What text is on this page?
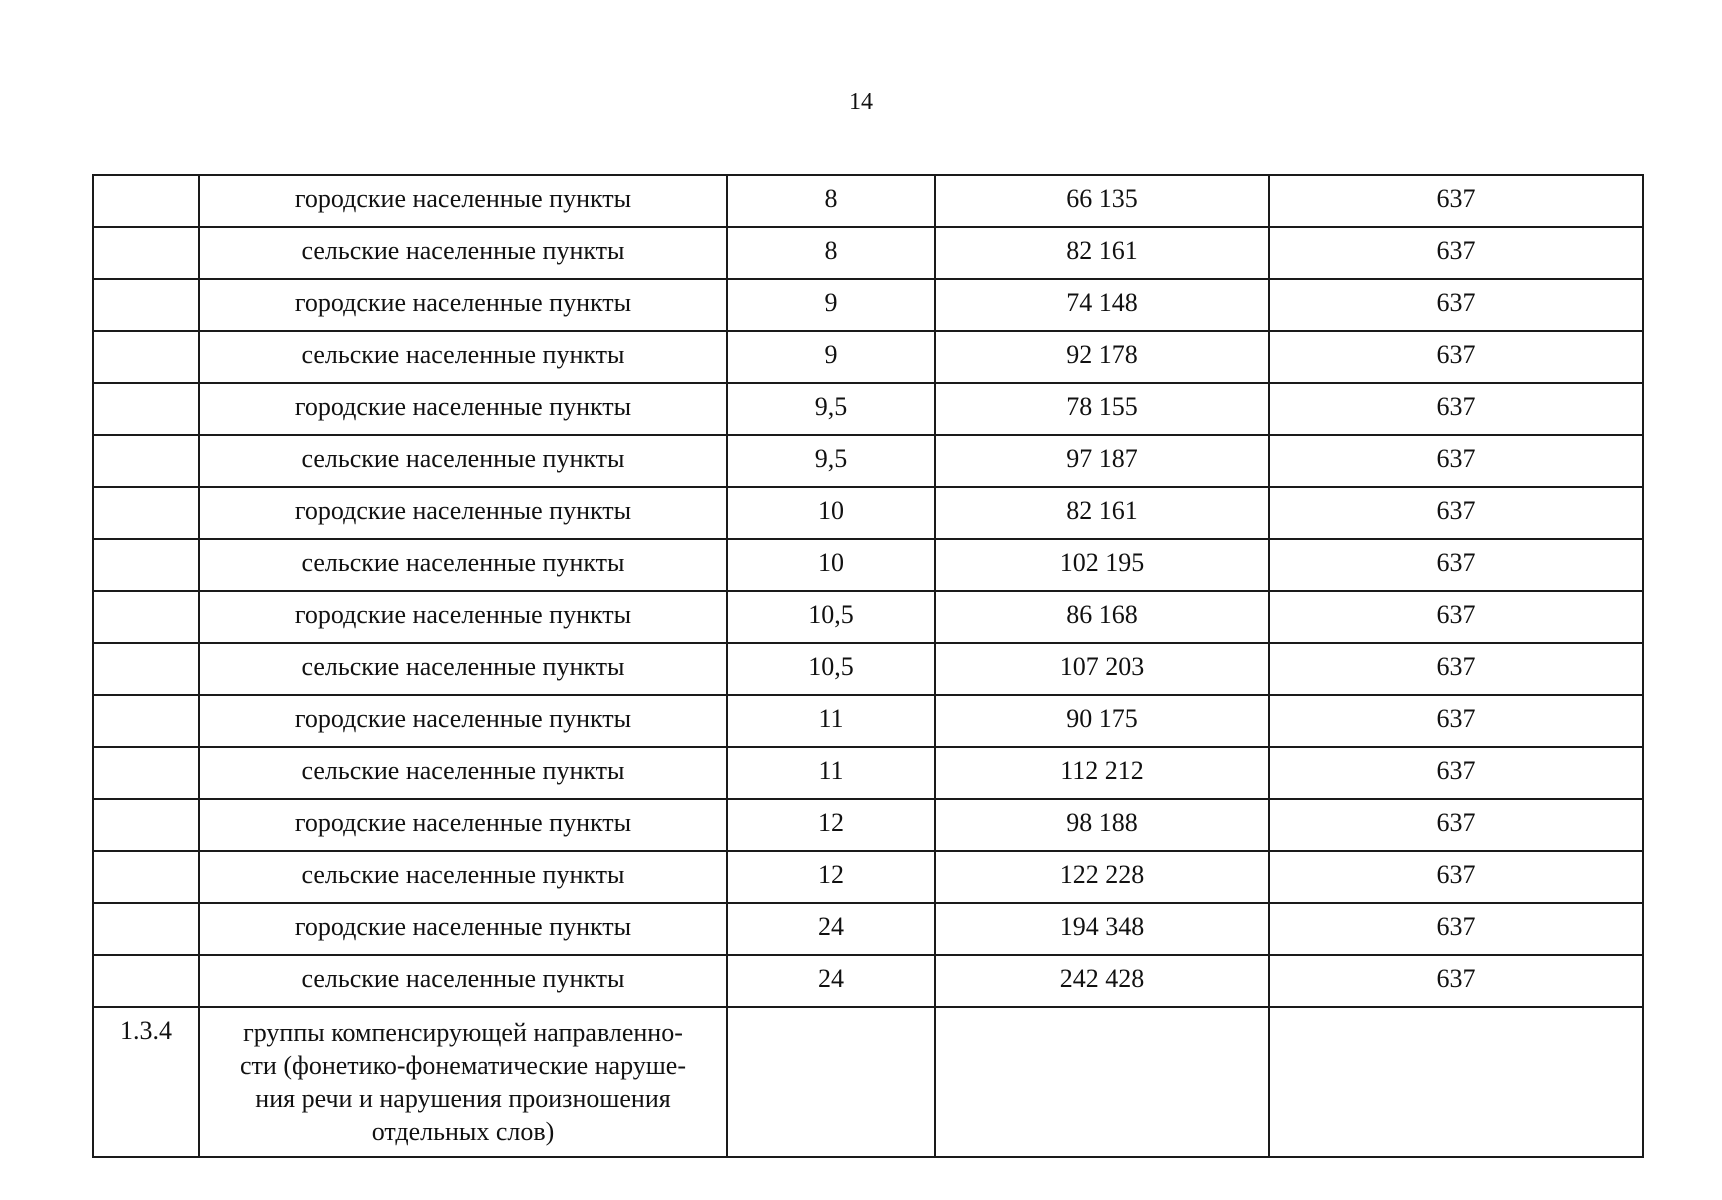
14
	городские населенные пункты	8	66 135	637
	сельские населенные пункты	8	82 161	637
	городские населенные пункты	9	74 148	637
	сельские населенные пункты	9	92 178	637
	городские населенные пункты	9,5	78 155	637
	сельские населенные пункты	9,5	97 187	637
	городские населенные пункты	10	82 161	637
	сельские населенные пункты	10	102 195	637
	городские населенные пункты	10,5	86 168	637
	сельские населенные пункты	10,5	107 203	637
	городские населенные пункты	11	90 175	637
	сельские населенные пункты	11	112 212	637
	городские населенные пункты	12	98 188	637
	сельские населенные пункты	12	122 228	637
	городские населенные пункты	24	194 348	637
	сельские населенные пункты	24	242 428	637
1.3.4	группы компенсирующей направленно-
сти (фонетико-фонематические наруше-
ния речи и нарушения произношения
отдельных слов)			
